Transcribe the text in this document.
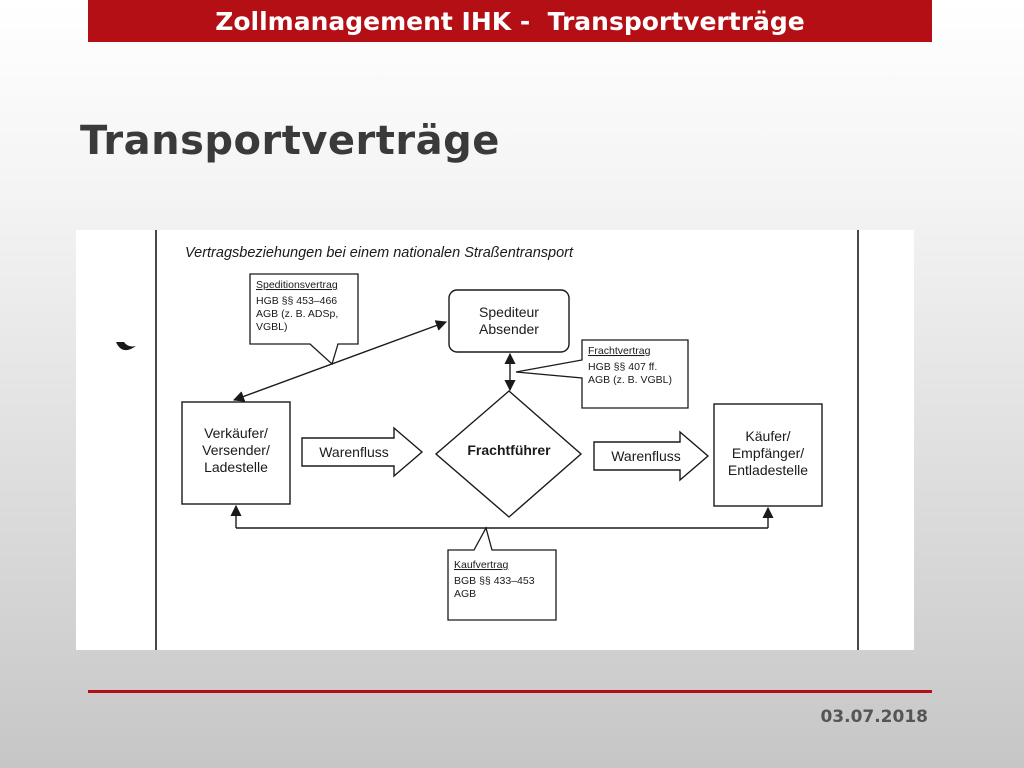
Zollmanagement IHK -  Transportverträge
Transportverträge
Vertragsbeziehungen bei einem nationalen Straßentransport
Speditionsvertrag
HGB §§ 453–466
AGB (z. B. ADSp,
VGBL)
Spediteur
Absender
Frachtvertrag
HGB §§ 407 ff.
AGB (z. B. VGBL)
Verkäufer/
Versender/
Ladestelle
Warenfluss	Frachtführer	Warenfluss
Käufer/
Empfänger/
Entladestelle
Kaufvertrag
BGB §§ 433–453
AGB
03.07.2018
